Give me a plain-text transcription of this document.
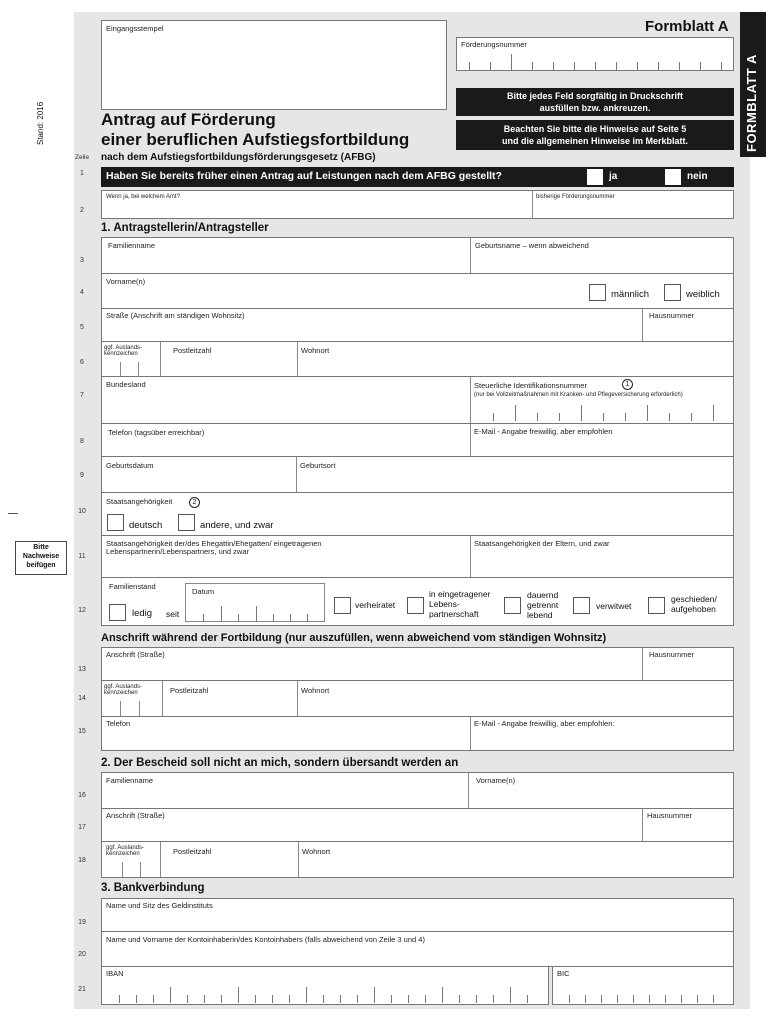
Stand: 2016
Bitte
Nachweise
beifügen
FORMBLATT A
Eingangsstempel	Formblatt A
Förderungsnummer
Bitte jedes Feld sorgfältig in Druckschrift
ausfüllen bzw. ankreuzen.
Beachten Sie bitte die Hinweise auf Seite 5
und die allgemeinen Hinweise im Merkblatt.
Antrag auf Förderung
einer beruflichen Aufstiegsfortbildung
nach dem Aufstiegsfortbildungsförderungsgesetz (AFBG)
Zeile
1
2
3
4
5
6
7
8
9
10
11
12
13
14
15
16
17
18
19
20
21
Haben Sie bereits früher einen Antrag auf Leistungen nach dem AFBG gestellt?	ja	nein
Wenn ja, bei welchem Amt?	bisherige Förderungsnummer
1. Antragstellerin/Antragsteller
Familienname	Geburtsname – wenn abweichend
Vorname(n)
männlich	weiblich
Straße (Anschrift am ständigen Wohnsitz)	Hausnummer
ggf. Auslands-
kennzeichen	Postleitzahl	Wohnort
Bundesland	Steuerliche Identifikationsnummer	1
(nur bei Vollzeitmaßnahmen mit Kranken- und Pflegeversicherung erforderlich)
Telefon (tagsüber erreichbar)	E-Mail - Angabe freiwillig, aber empfohlen
Geburtsdatum	Geburtsort
Staatsangehörigkeit	2
deutsch	andere, und zwar
Staatsangehörigkeit der/des Ehegattin/Ehegatten/ eingetragenen
Lebenspartnerin/Lebenspartners, und zwar
Staatsangehörigkeit der Eltern, und zwar
Familienstand
ledig seit
Datum
verheiratet
in eingetragener
Lebens-
partnerschaft
dauernd
getrennt
lebend
verwitwet
geschieden/
aufgehoben
Anschrift während der Fortbildung (nur auszufüllen, wenn abweichend vom ständigen Wohnsitz)
Anschrift (Straße)	Hausnummer
ggf. Auslands-
kennzeichen	Postleitzahl	Wohnort
Telefon	E-Mail - Angabe freiwillig, aber empfohlen:
2. Der Bescheid soll nicht an mich, sondern übersandt werden an
Familienname	Vorname(n)
Anschrift (Straße)	Hausnummer
ggf. Auslands-
kennzeichen	Postleitzahl	Wohnort
3. Bankverbindung
Name und Sitz des Geldinstituts
Name und Vorname der Kontoinhaberin/des Kontoinhabers (falls abweichend von Zeile 3 und 4)
IBAN	BIC
